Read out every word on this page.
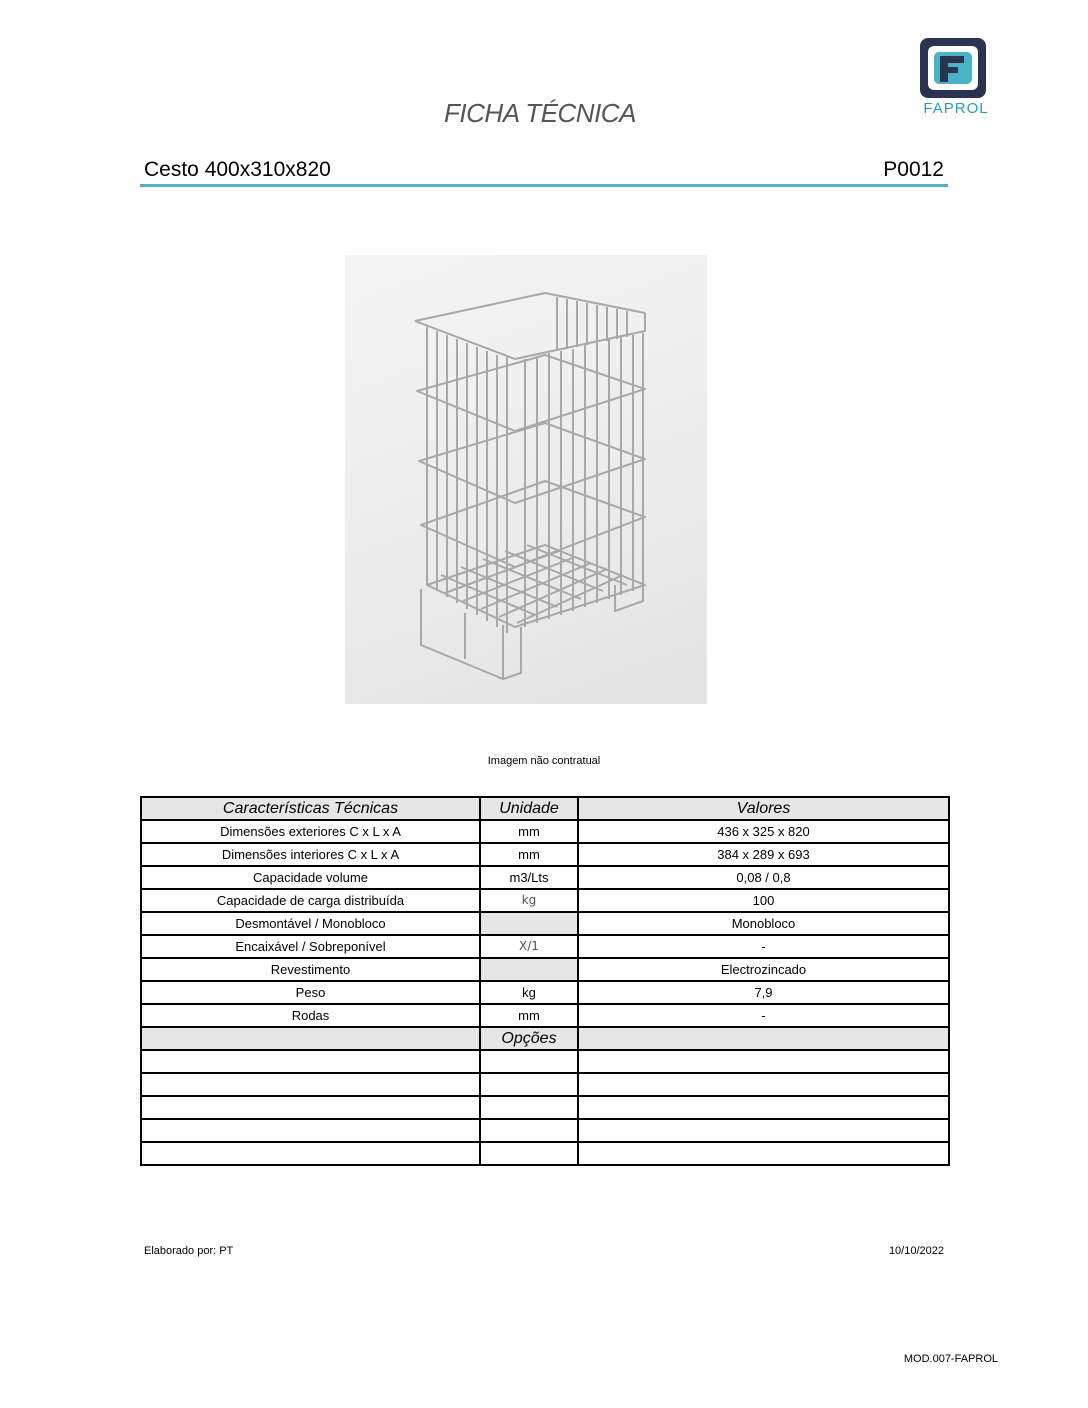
FAPROL
FICHA TÉCNICA
Cesto 400x310x820	P0012
Imagem não contratual
Características Técnicas	Unidade	Valores
Dimensões exteriores C x L x A	mm	436 x 325 x 820
Dimensões interiores C x L x A	mm	384 x 289 x 693
Capacidade volume	m3/Lts	0,08 / 0,8
Capacidade de carga distribuída	kg	100
Desmontável / Monobloco		Monobloco
Encaixável / Sobreponível	X/1	-
Revestimento		Electrozincado
Peso	kg	7,9
Rodas	mm	-
	Opções	

Elaborado por: PT	10/10/2022
MOD.007-FAPROL
